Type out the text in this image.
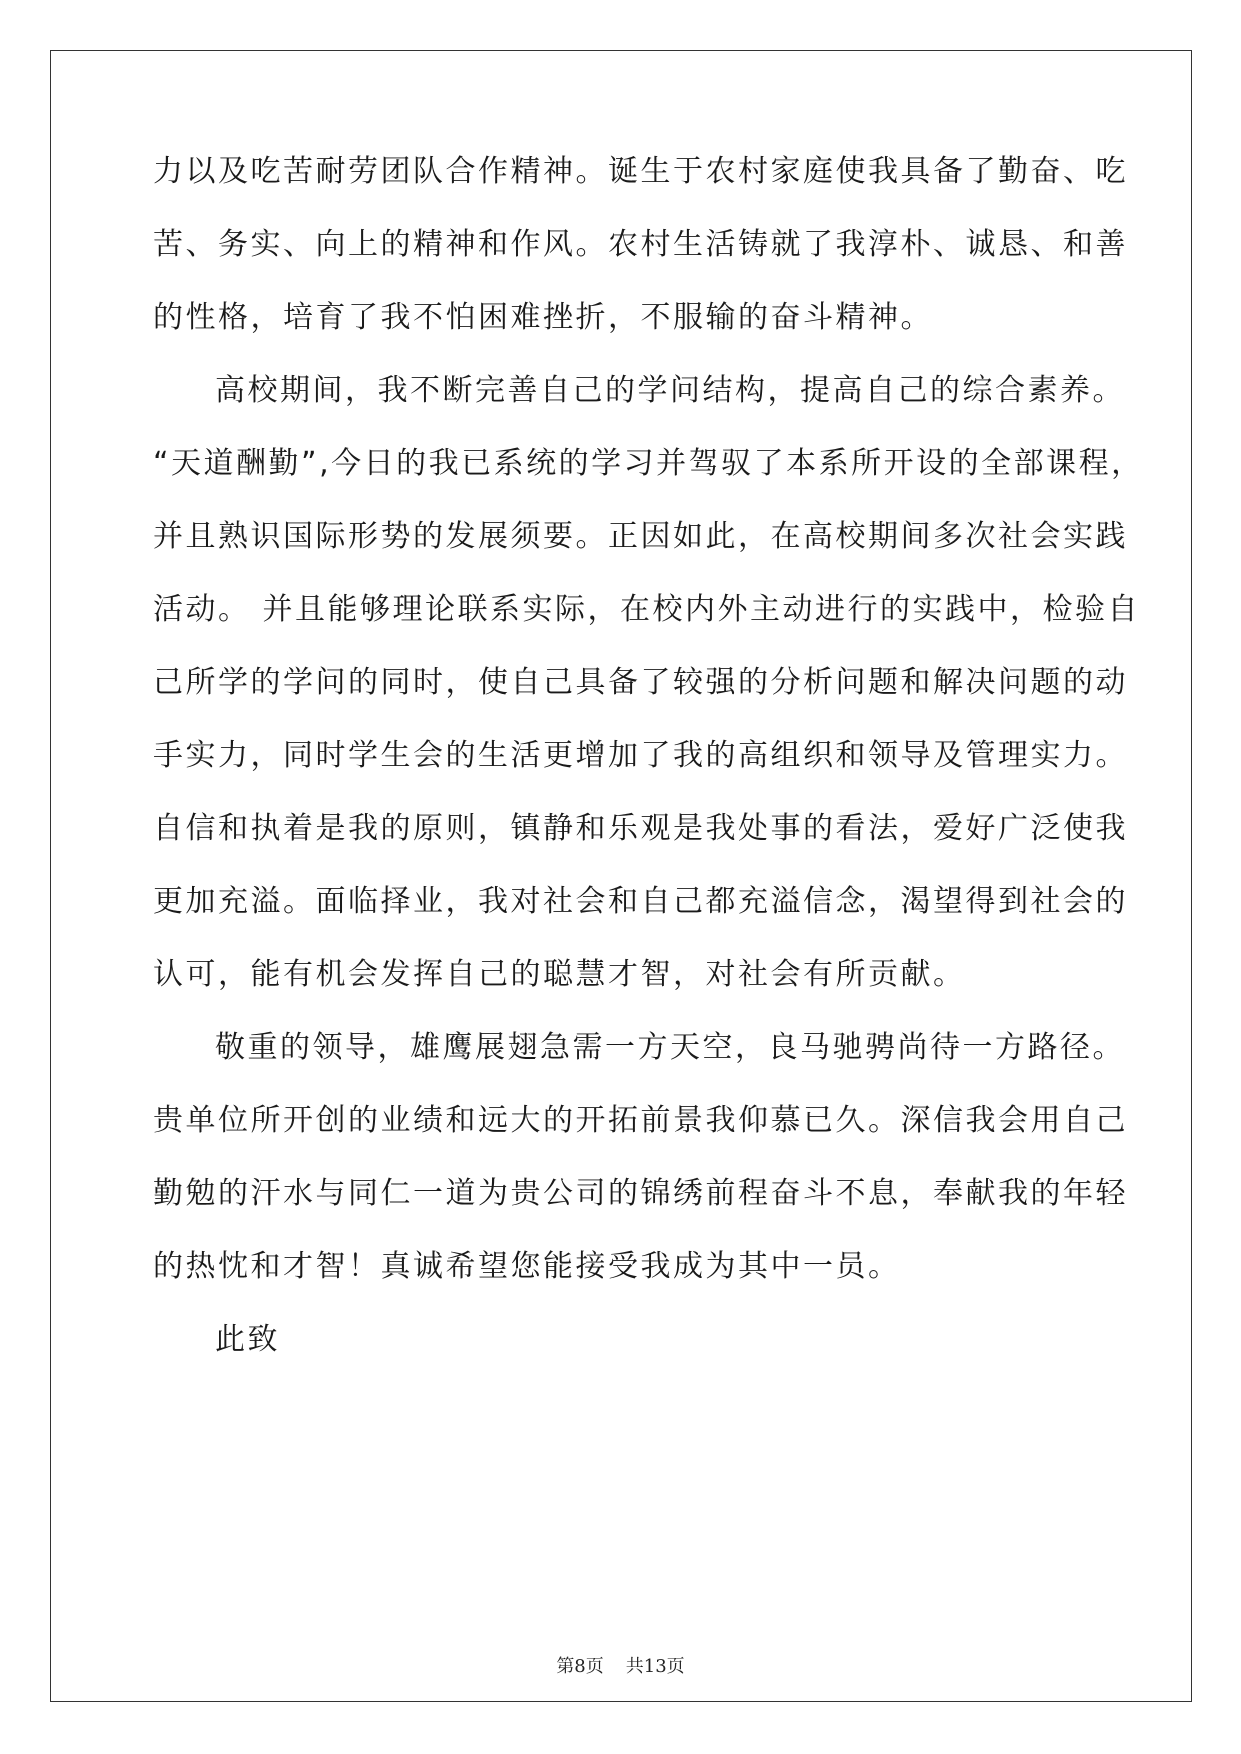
力以及吃苦耐劳团队合作精神。诞生于农村家庭使我具备了勤奋、吃
苦、务实、向上的精神和作风。农村生活铸就了我淳朴、诚恳、和善
的性格，培育了我不怕困难挫折，不服输的奋斗精神。
高校期间，我不断完善自己的学问结构，提高自己的综合素养。
“天道酬勤”,今日的我已系统的学习并驾驭了本系所开设的全部课程，
并且熟识国际形势的发展须要。正因如此，在高校期间多次社会实践
活动。 并且能够理论联系实际，在校内外主动进行的实践中，检验自
己所学的学问的同时，使自己具备了较强的分析问题和解决问题的动
手实力，同时学生会的生活更增加了我的高组织和领导及管理实力。
自信和执着是我的原则，镇静和乐观是我处事的看法，爱好广泛使我
更加充溢。面临择业，我对社会和自己都充溢信念，渴望得到社会的
认可，能有机会发挥自己的聪慧才智，对社会有所贡献。
敬重的领导，雄鹰展翅急需一方天空，良马驰骋尚待一方路径。
贵单位所开创的业绩和远大的开拓前景我仰慕已久。深信我会用自己
勤勉的汗水与同仁一道为贵公司的锦绣前程奋斗不息，奉献我的年轻
的热忱和才智！真诚希望您能接受我成为其中一员。
此致
第8页 共13页
